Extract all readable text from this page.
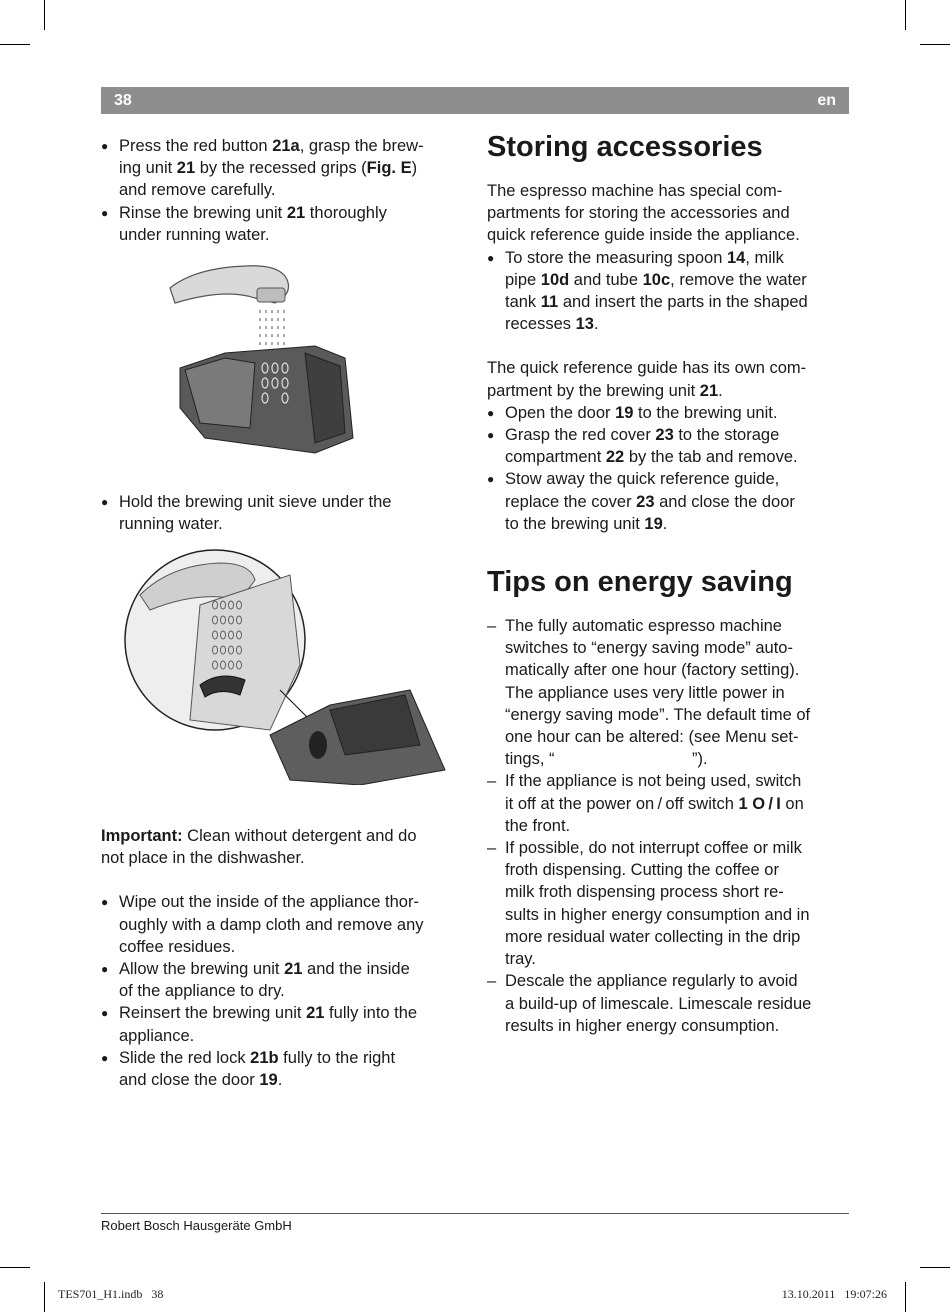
38	en

● Press the red button 21a, grasp the brew-
ing unit 21 by the recessed grips (Fig. E)
and remove carefully.

● Rinse the brewing unit 21 thoroughly
under running water.

● Hold the brewing unit sieve under the
running water.

Important: Clean without detergent and do
not place in the dishwasher.

● Wipe out the inside of the appliance thor-
oughly with a damp cloth and remove any
coffee residues.

● Allow the brewing unit 21 and the inside
of the appliance to dry.

● Reinsert the brewing unit 21 fully into the
appliance.

● Slide the red lock 21b fully to the right
and close the door 19.

Storing accessories

The espresso machine has special com-
partments for storing the accessories and
quick reference guide inside the appliance.

● To store the measuring spoon 14, milk
pipe 10d and tube 10c, remove the water
tank 11 and insert the parts in the shaped
recesses 13.

The quick reference guide has its own com-
partment by the brewing unit 21.

● Open the door 19 to the brewing unit.

● Grasp the red cover 23 to the storage
compartment 22 by the tab and remove.

● Stow away the quick reference guide,
replace the cover 23 and close the door
to the brewing unit 19.

Tips on energy saving

– The fully automatic espresso machine
switches to “energy saving mode” auto-
matically after one hour (factory setting).
The appliance uses very little power in
“energy saving mode”. The default time of
one hour can be altered: (see Menu set-
tings, “                              ”).

– If the appliance is not being used, switch
it off at the power on / off switch 1 O / I on
the front.

– If possible, do not interrupt coffee or milk
froth dispensing. Cutting the coffee or
milk froth dispensing process short re-
sults in higher energy consumption and in
more residual water collecting in the drip
tray.

– Descale the appliance regularly to avoid
a build-up of limescale. Limescale residue
results in higher energy consumption.

Robert Bosch Hausgeräte GmbH
TES701_H1.indb   38	13.10.2011   19:07:26
